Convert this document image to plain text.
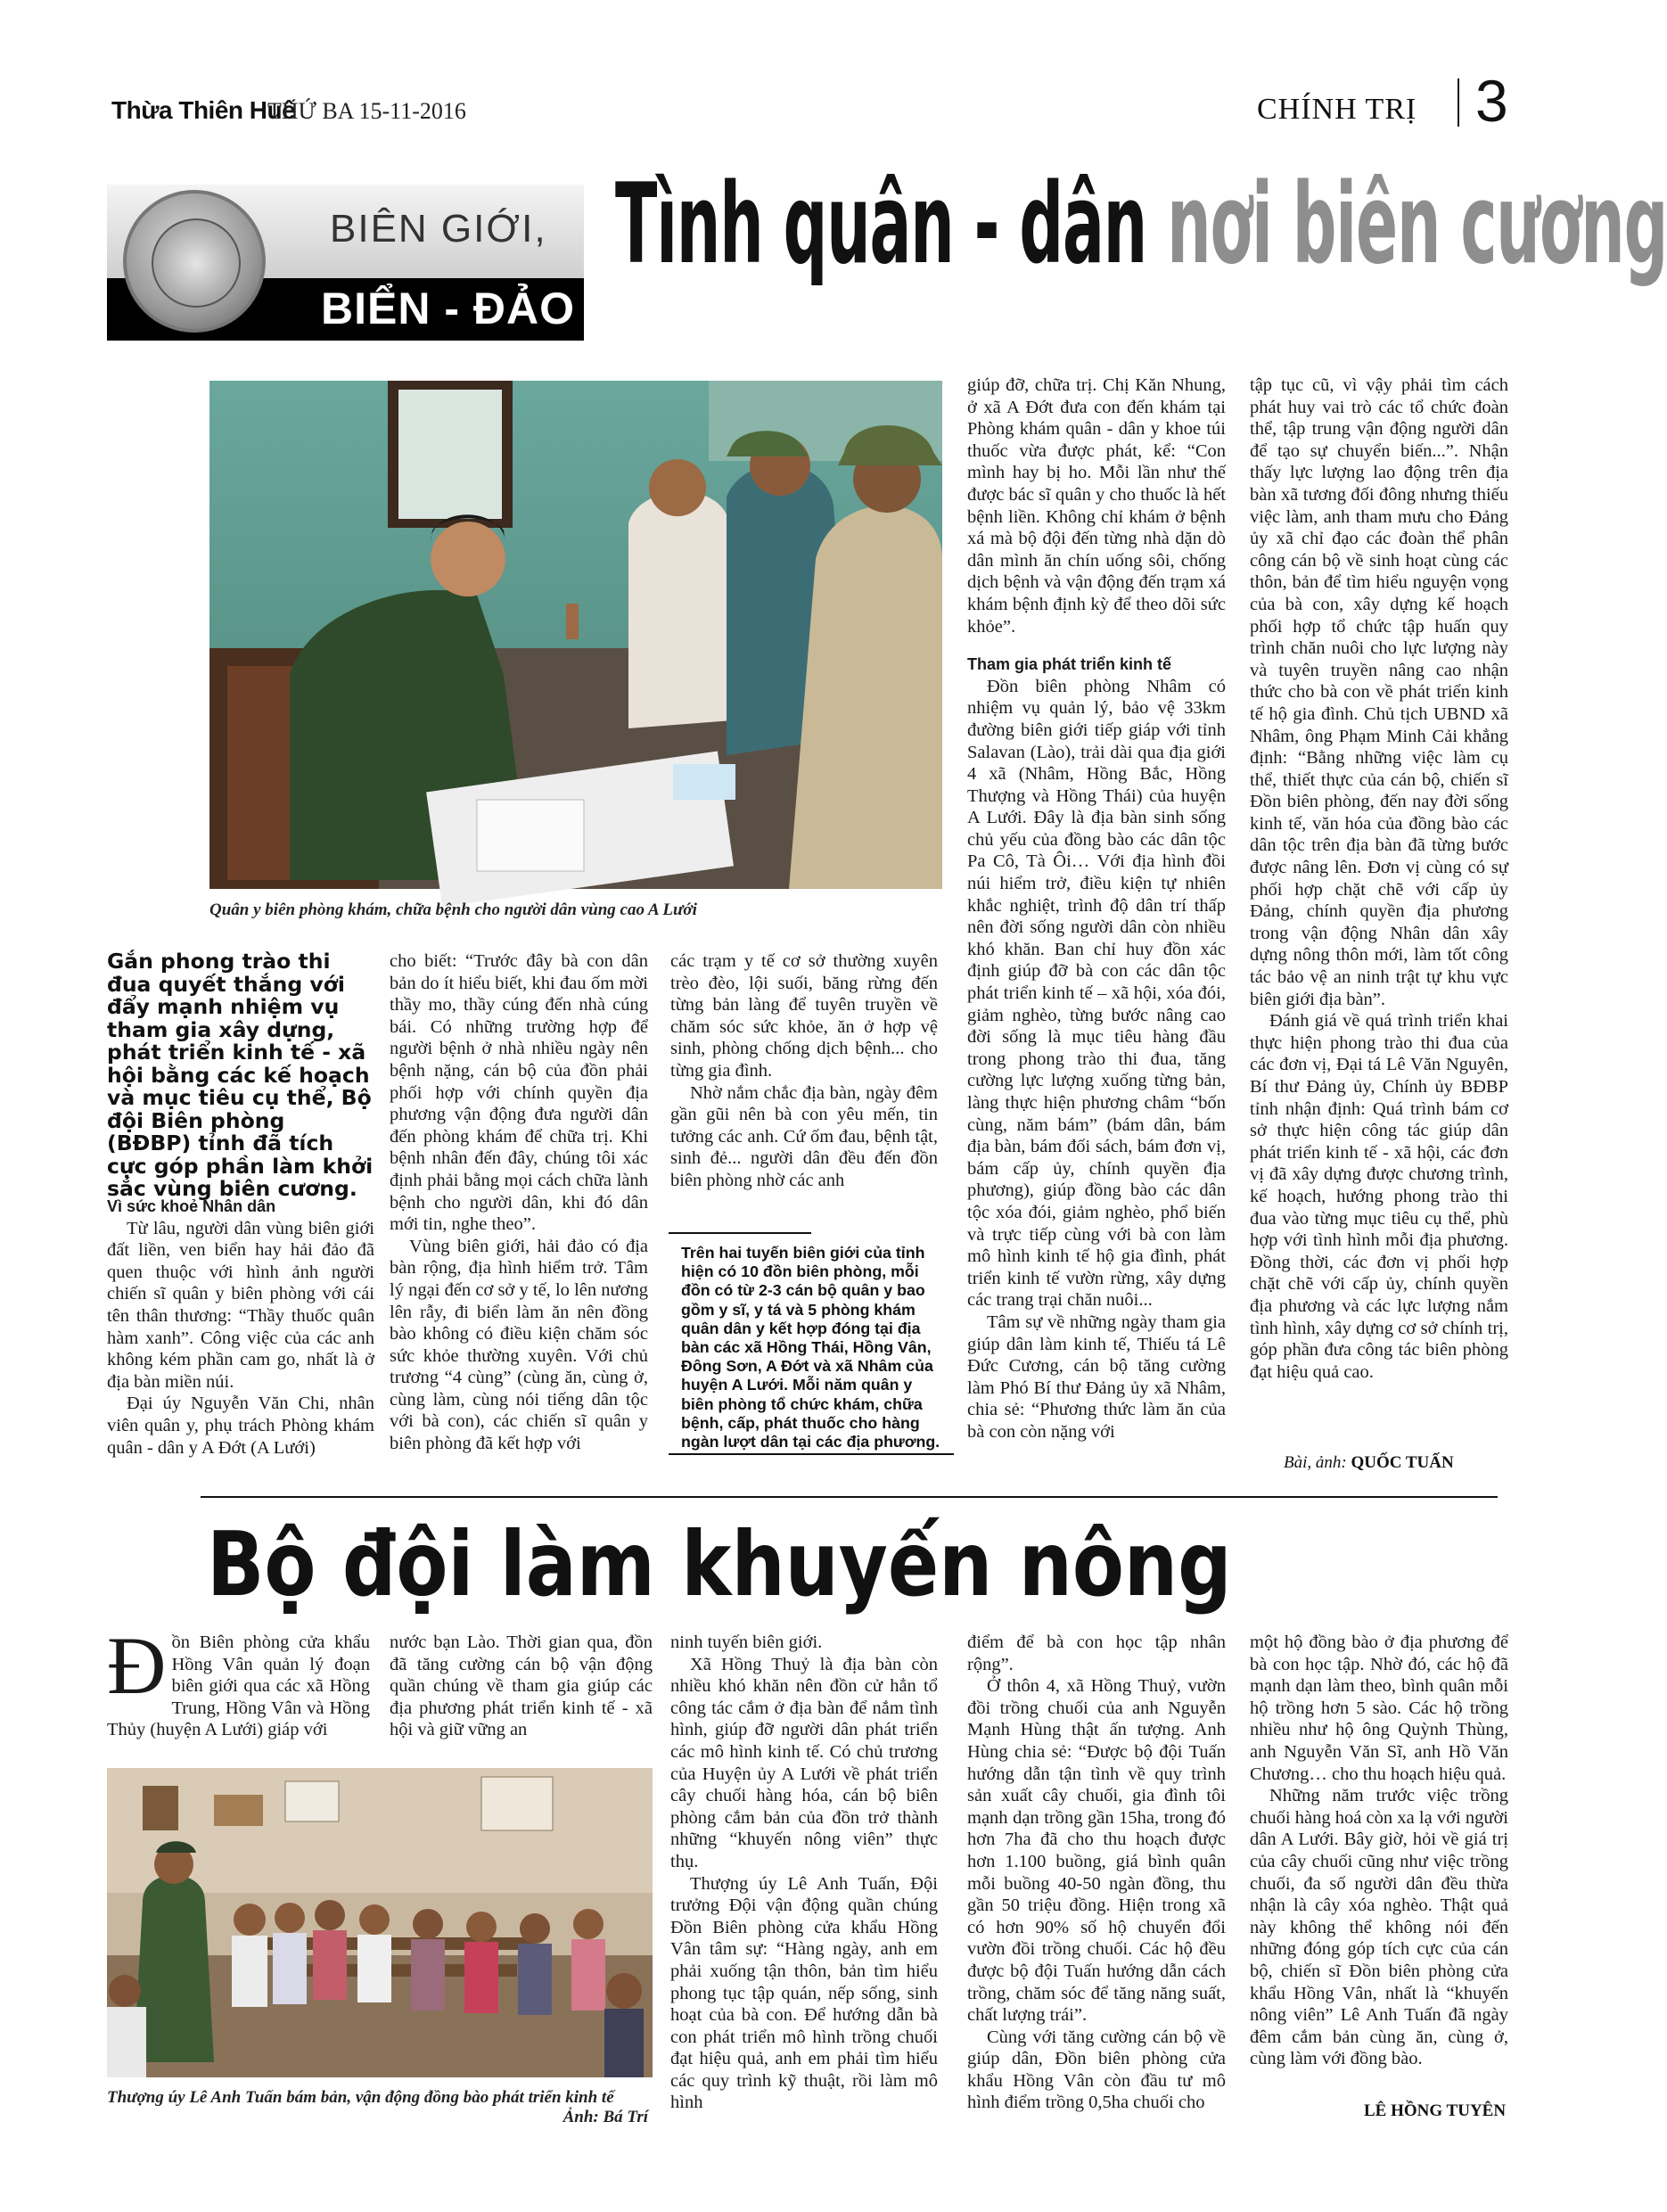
Thừa Thiên Huế
THỨ BA 15-11-2016	CHÍNH TRỊ 3
BIÊN GIỚI,
BIỂN - ĐẢO
Tình quân - dân nơi biên cương
Quân y biên phòng khám, chữa bệnh cho người dân vùng cao A Lưới
Gắn phong trào thi đua quyết thắng với đẩy mạnh nhiệm vụ tham gia xây dựng, phát triển kinh tế - xã hội bằng các kế hoạch và mục tiêu cụ thể, Bộ đội Biên phòng (BĐBP) tỉnh đã tích cực góp phần làm khởi sắc vùng biên cương.

Vì sức khoẻ Nhân dân

Từ lâu, người dân vùng biên giới đất liền, ven biển hay hải đảo đã quen thuộc với hình ảnh người chiến sĩ quân y biên phòng với cái tên thân thương: “Thầy thuốc quân hàm xanh”. Công việc của các anh không kém phần cam go, nhất là ở địa bàn miền núi.

Đại úy Nguyễn Văn Chi, nhân viên quân y, phụ trách Phòng khám quân - dân y A Đớt (A Lưới)

cho biết: “Trước đây bà con dân bản do ít hiểu biết, khi đau ốm mời thầy mo, thầy cúng đến nhà cúng bái. Có những trường hợp để người bệnh ở nhà nhiều ngày nên bệnh nặng, cán bộ của đồn phải phối hợp với chính quyền địa phương vận động đưa người dân đến phòng khám để chữa trị. Khi bệnh nhân đến đây, chúng tôi xác định phải bằng mọi cách chữa lành bệnh cho người dân, khi đó dân mới tin, nghe theo”.

Vùng biên giới, hải đảo có địa bàn rộng, địa hình hiểm trở. Tâm lý ngại đến cơ sở y tế, lo lên nương lên rẫy, đi biển làm ăn nên đồng bào không có điều kiện chăm sóc sức khỏe thường xuyên. Với chủ trương “4 cùng” (cùng ăn, cùng ở, cùng làm, cùng nói tiếng dân tộc với bà con), các chiến sĩ quân y biên phòng đã kết hợp với

các trạm y tế cơ sở thường xuyên trèo đèo, lội suối, băng rừng đến từng bản làng để tuyên truyền về chăm sóc sức khỏe, ăn ở hợp vệ sinh, phòng chống dịch bệnh... cho từng gia đình.

Nhờ nắm chắc địa bàn, ngày đêm gần gũi nên bà con yêu mến, tin tưởng các anh. Cứ ốm đau, bệnh tật, sinh đẻ... người dân đều đến đồn biên phòng nhờ các anh

Trên hai tuyến biên giới của tỉnh hiện có 10 đồn biên phòng, mỗi đồn có từ 2-3 cán bộ quân y bao gồm y sĩ, y tá và 5 phòng khám quân dân y kết hợp đóng tại địa bàn các xã Hồng Thái, Hồng Vân, Đông Sơn, A Đớt và xã Nhâm của huyện A Lưới. Mỗi năm quân y biên phòng tổ chức khám, chữa bệnh, cấp, phát thuốc cho hàng ngàn lượt dân tại các địa phương.

giúp đỡ, chữa trị. Chị Kăn Nhung, ở xã A Đớt đưa con đến khám tại Phòng khám quân - dân y khoe túi thuốc vừa được phát, kể: “Con mình hay bị ho. Mỗi lần như thế được bác sĩ quân y cho thuốc là hết bệnh liền. Không chỉ khám ở bệnh xá mà bộ đội đến từng nhà dặn dò dân mình ăn chín uống sôi, chống dịch bệnh và vận động đến trạm xá khám bệnh định kỳ để theo dõi sức khỏe”.

Tham gia phát triển kinh tế

Đồn biên phòng Nhâm có nhiệm vụ quản lý, bảo vệ 33km đường biên giới tiếp giáp với tỉnh Salavan (Lào), trải dài qua địa giới 4 xã (Nhâm, Hồng Bắc, Hồng Thượng và Hồng Thái) của huyện A Lưới. Đây là địa bàn sinh sống chủ yếu của đồng bào các dân tộc Pa Cô, Tà Ôi… Với địa hình đồi núi hiểm trở, điều kiện tự nhiên khắc nghiệt, trình độ dân trí thấp nên đời sống người dân còn nhiều khó khăn. Ban chỉ huy đồn xác định giúp đỡ bà con các dân tộc phát triển kinh tế – xã hội, xóa đói, giảm nghèo, từng bước nâng cao đời sống là mục tiêu hàng đầu trong phong trào thi đua, tăng cường lực lượng xuống từng bản, làng thực hiện phương châm “bốn cùng, năm bám” (bám dân, bám địa bàn, bám đối sách, bám đơn vị, bám cấp ủy, chính quyền địa phương), giúp đồng bào các dân tộc xóa đói, giảm nghèo, phổ biến và trực tiếp cùng với bà con làm mô hình kinh tế hộ gia đình, phát triển kinh tế vườn rừng, xây dựng các trang trại chăn nuôi...

Tâm sự về những ngày tham gia giúp dân làm kinh tế, Thiếu tá Lê Đức Cương, cán bộ tăng cường làm Phó Bí thư Đảng ủy xã Nhâm, chia sẻ: “Phương thức làm ăn của bà con còn nặng với

tập tục cũ, vì vậy phải tìm cách phát huy vai trò các tổ chức đoàn thể, tập trung vận động người dân để tạo sự chuyển biến...”. Nhận thấy lực lượng lao động trên địa bàn xã tương đối đông nhưng thiếu việc làm, anh tham mưu cho Đảng ủy xã chỉ đạo các đoàn thể phân công cán bộ về sinh hoạt cùng các thôn, bản để tìm hiểu nguyện vọng của bà con, xây dựng kế hoạch phối hợp tổ chức tập huấn quy trình chăn nuôi cho lực lượng này và tuyên truyền nâng cao nhận thức cho bà con về phát triển kinh tế hộ gia đình. Chủ tịch UBND xã Nhâm, ông Phạm Minh Cải khẳng định: “Bằng những việc làm cụ thể, thiết thực của cán bộ, chiến sĩ Đồn biên phòng, đến nay đời sống kinh tế, văn hóa của đồng bào các dân tộc trên địa bàn đã từng bước được nâng lên. Đơn vị cùng có sự phối hợp chặt chẽ với cấp ủy Đảng, chính quyền địa phương trong vận động Nhân dân xây dựng nông thôn mới, làm tốt công tác bảo vệ an ninh trật tự khu vực biên giới địa bàn”.

Đánh giá về quá trình triển khai thực hiện phong trào thi đua của các đơn vị, Đại tá Lê Văn Nguyên, Bí thư Đảng ủy, Chính ủy BĐBP tỉnh nhận định: Quá trình bám cơ sở thực hiện công tác giúp dân phát triển kinh tế - xã hội, các đơn vị đã xây dựng được chương trình, kế hoạch, hướng phong trào thi đua vào từng mục tiêu cụ thể, phù hợp với tình hình mỗi địa phương. Đồng thời, các đơn vị phối hợp chặt chẽ với cấp ủy, chính quyền địa phương và các lực lượng nắm tình hình, xây dựng cơ sở chính trị, góp phần đưa công tác biên phòng đạt hiệu quả cao.

Bài, ảnh: QUỐC TUẤN
Bộ đội làm khuyến nông

Đồn Biên phòng cửa khẩu Hồng Vân quản lý đoạn biên giới qua các xã Hồng Trung, Hồng Vân và Hồng Thủy (huyện A Lưới) giáp với

nước bạn Lào. Thời gian qua, đồn đã tăng cường cán bộ vận động quần chúng về tham gia giúp các địa phương phát triển kinh tế - xã hội và giữ vững an

Thượng úy Lê Anh Tuấn bám bản, vận động đồng bào phát triển kinh tế
Ảnh: Bá Trí

ninh tuyến biên giới.

Xã Hồng Thuỷ là địa bàn còn nhiều khó khăn nên đồn cử hẳn tổ công tác cắm ở địa bàn để nắm tình hình, giúp đỡ người dân phát triển các mô hình kinh tế. Có chủ trương của Huyện ủy A Lưới về phát triển cây chuối hàng hóa, cán bộ biên phòng cắm bản của đồn trở thành những “khuyến nông viên” thực thụ.

Thượng úy Lê Anh Tuấn, Đội trưởng Đội vận động quần chúng Đồn Biên phòng cửa khẩu Hồng Vân tâm sự: “Hàng ngày, anh em phải xuống tận thôn, bản tìm hiểu phong tục tập quán, nếp sống, sinh hoạt của bà con. Để hướng dẫn bà con phát triển mô hình trồng chuối đạt hiệu quả, anh em phải tìm hiểu các quy trình kỹ thuật, rồi làm mô hình

điểm để bà con học tập nhân rộng”.

Ở thôn 4, xã Hồng Thuỷ, vườn đồi trồng chuối của anh Nguyễn Mạnh Hùng thật ấn tượng. Anh Hùng chia sẻ: “Được bộ đội Tuấn hướng dẫn tận tình về quy trình sản xuất cây chuối, gia đình tôi mạnh dạn trồng gần 15ha, trong đó hơn 7ha đã cho thu hoạch được hơn 1.100 buồng, giá bình quân mỗi buồng 40-50 ngàn đồng, thu gần 50 triệu đồng. Hiện trong xã có hơn 90% số hộ chuyển đổi vườn đồi trồng chuối. Các hộ đều được bộ đội Tuấn hướng dẫn cách trồng, chăm sóc để tăng năng suất, chất lượng trái”.

Cùng với tăng cường cán bộ về giúp dân, Đồn biên phòng cửa khẩu Hồng Vân còn đầu tư mô hình điểm trồng 0,5ha chuối cho

một hộ đồng bào ở địa phương để bà con học tập. Nhờ đó, các hộ đã mạnh dạn làm theo, bình quân mỗi hộ trồng hơn 5 sào. Các hộ trồng nhiều như hộ ông Quỳnh Thùng, anh Nguyễn Văn Sĩ, anh Hồ Văn Chương… cho thu hoạch hiệu quả.

Những năm trước việc trồng chuối hàng hoá còn xa lạ với người dân A Lưới. Bây giờ, hỏi về giá trị của cây chuối cũng như việc trồng chuối, đa số người dân đều thừa nhận là cây xóa nghèo. Thật quả này không thể không nói đến những đóng góp tích cực của cán bộ, chiến sĩ Đồn biên phòng cửa khẩu Hồng Vân, nhất là “khuyến nông viên” Lê Anh Tuấn đã ngày đêm cắm bản cùng ăn, cùng ở, cùng làm với đồng bào.

LÊ HỒNG TUYÊN
